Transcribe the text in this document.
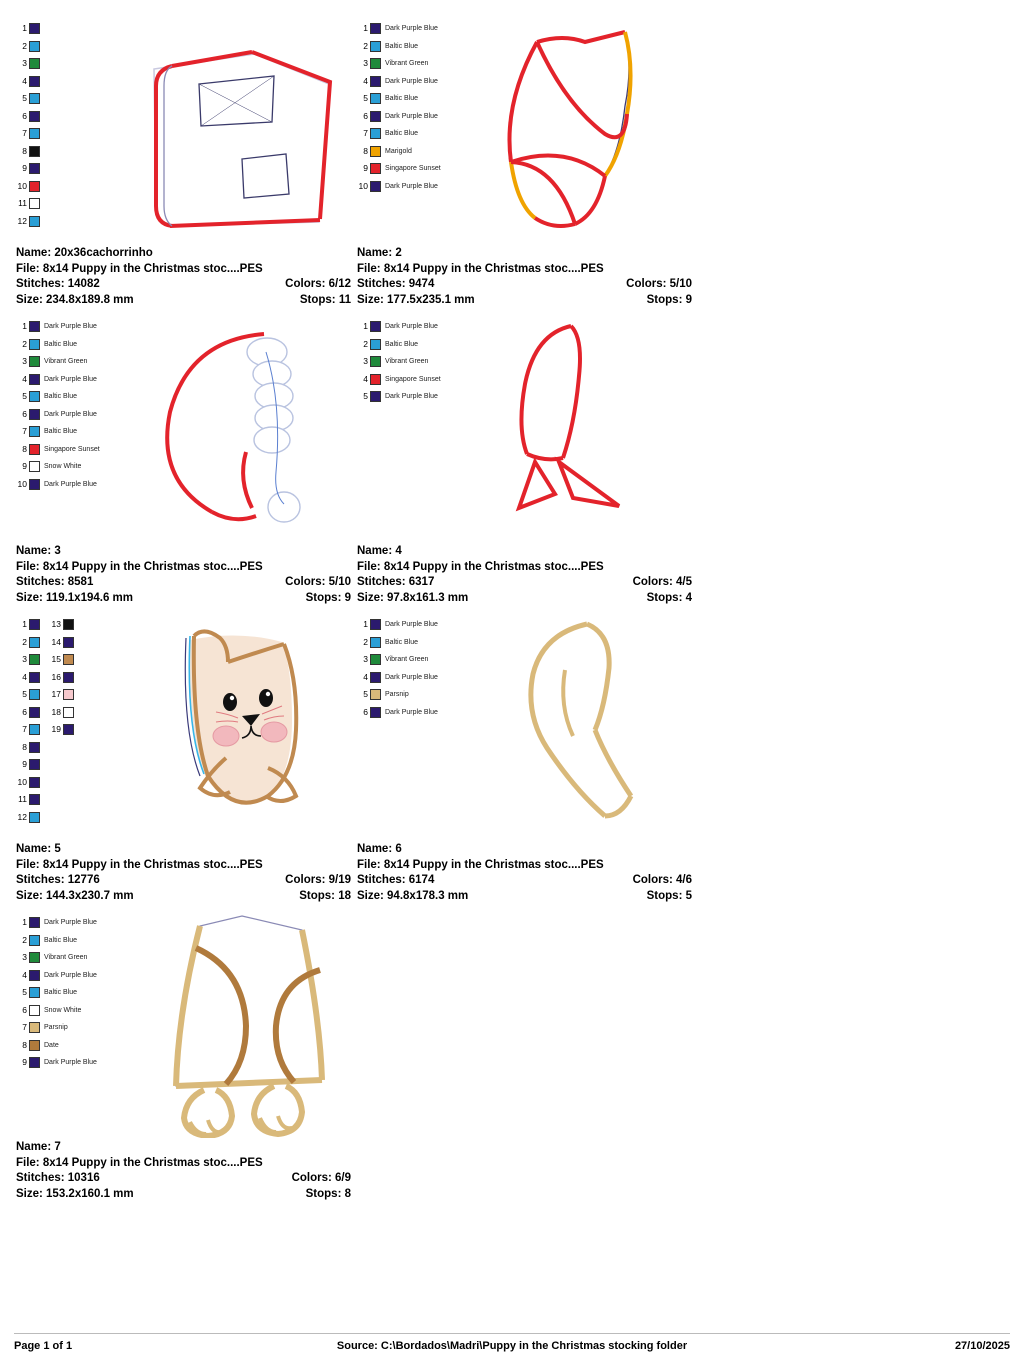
1
2
3
4
5
6
7
8
9
10
11
12
Name: 20x36cachorrinho
File: 8x14 Puppy in the Christmas stoc....PES
Stitches: 14082	Colors: 6/12
Size: 234.8x189.8 mm	Stops: 11
1	Dark Purple Blue
2	Baltic Blue
3	Vibrant Green
4	Dark Purple Blue
5	Baltic Blue
6	Dark Purple Blue
7	Baltic Blue
8	Marigold
9	Singapore Sunset
10	Dark Purple Blue
Name: 2
File: 8x14 Puppy in the Christmas stoc....PES
Stitches: 9474	Colors: 5/10
Size: 177.5x235.1 mm	Stops: 9
1	Dark Purple Blue
2	Baltic Blue
3	Vibrant Green
4	Dark Purple Blue
5	Baltic Blue
6	Dark Purple Blue
7	Baltic Blue
8	Singapore Sunset
9	Snow White
10	Dark Purple Blue
Name: 3
File: 8x14 Puppy in the Christmas stoc....PES
Stitches: 8581	Colors: 5/10
Size: 119.1x194.6 mm	Stops: 9
1	Dark Purple Blue
2	Baltic Blue
3	Vibrant Green
4	Singapore Sunset
5	Dark Purple Blue
Name: 4
File: 8x14 Puppy in the Christmas stoc....PES
Stitches: 6317	Colors: 4/5
Size: 97.8x161.3 mm	Stops: 4
1
2
3
4
5
6
7
8
9
10
11
12
13
14
15
16
17
18
19
Name: 5
File: 8x14 Puppy in the Christmas stoc....PES
Stitches: 12776	Colors: 9/19
Size: 144.3x230.7 mm	Stops: 18
1	Dark Purple Blue
2	Baltic Blue
3	Vibrant Green
4	Dark Purple Blue
5	Parsnip
6	Dark Purple Blue
Name: 6
File: 8x14 Puppy in the Christmas stoc....PES
Stitches: 6174	Colors: 4/6
Size: 94.8x178.3 mm	Stops: 5
1	Dark Purple Blue
2	Baltic Blue
3	Vibrant Green
4	Dark Purple Blue
5	Baltic Blue
6	Snow White
7	Parsnip
8	Date
9	Dark Purple Blue
Name: 7
File: 8x14 Puppy in the Christmas stoc....PES
Stitches: 10316	Colors: 6/9
Size: 153.2x160.1 mm	Stops: 8
Page 1 of 1	Source: C:\Bordados\Madri\Puppy in the Christmas stocking folder	27/10/2025
